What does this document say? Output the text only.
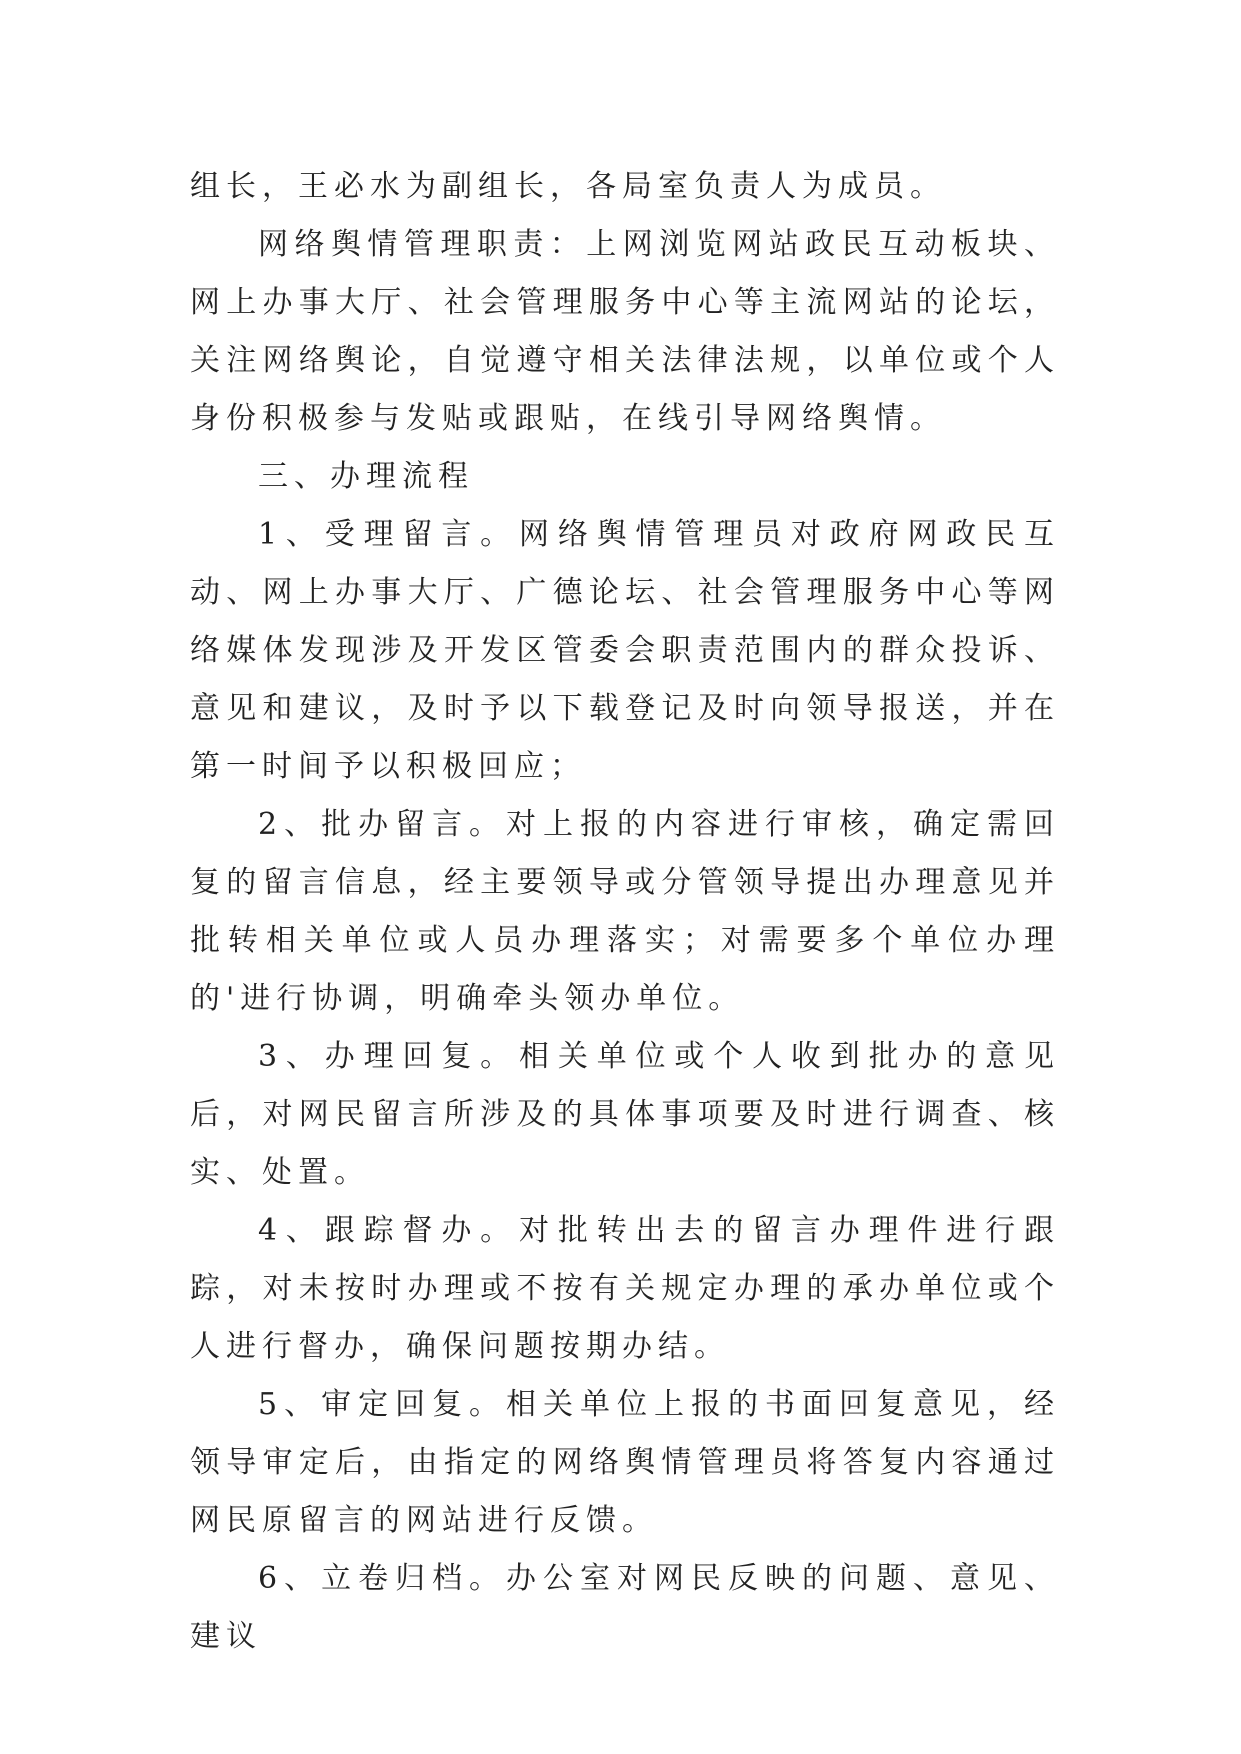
组长，王必水为副组长，各局室负责人为成员。

网络舆情管理职责：上网浏览网站政民互动板块、网上办事大厅、社会管理服务中心等主流网站的论坛，关注网络舆论，自觉遵守相关法律法规，以单位或个人身份积极参与发贴或跟贴，在线引导网络舆情。

三、办理流程

1、受理留言。网络舆情管理员对政府网政民互动、网上办事大厅、广德论坛、社会管理服务中心等网络媒体发现涉及开发区管委会职责范围内的群众投诉、意见和建议，及时予以下载登记及时向领导报送，并在第一时间予以积极回应；

2、批办留言。对上报的内容进行审核，确定需回复的留言信息，经主要领导或分管领导提出办理意见并批转相关单位或人员办理落实；对需要多个单位办理的'进行协调，明确牵头领办单位。

3、办理回复。相关单位或个人收到批办的意见后，对网民留言所涉及的具体事项要及时进行调查、核实、处置。

4、跟踪督办。对批转出去的留言办理件进行跟踪，对未按时办理或不按有关规定办理的承办单位或个人进行督办，确保问题按期办结。

5、审定回复。相关单位上报的书面回复意见，经领导审定后，由指定的网络舆情管理员将答复内容通过网民原留言的网站进行反馈。

6、立卷归档。办公室对网民反映的问题、意见、建议
